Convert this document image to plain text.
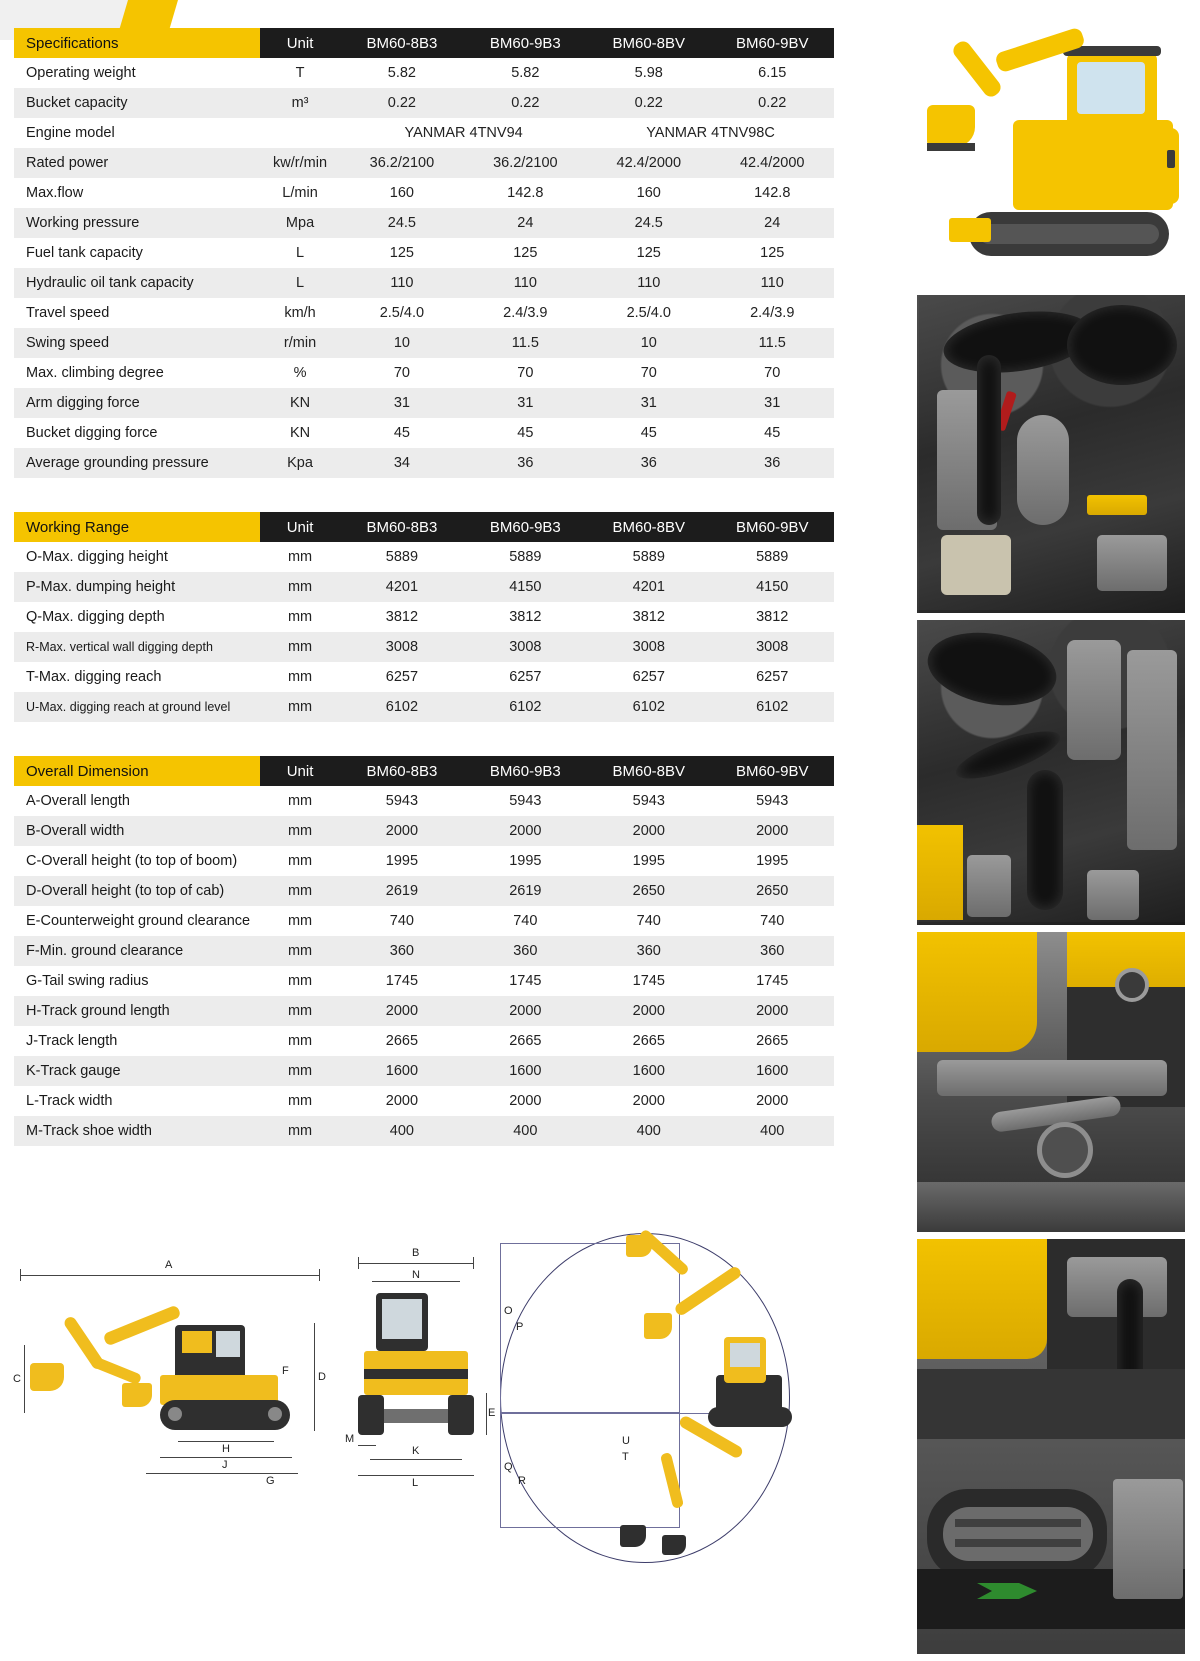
Specifications	Unit	BM60-8B3	BM60-9B3	BM60-8BV	BM60-9BV
Operating weight	T	5.82	5.82	5.98	6.15
Bucket capacity	m³	0.22	0.22	0.22	0.22
Engine model		YANMAR 4TNV94		YANMAR 4TNV98C	
Rated power	kw/r/min	36.2/2100	36.2/2100	42.4/2000	42.4/2000
Max.flow	L/min	160	142.8	160	142.8
Working pressure	Mpa	24.5	24	24.5	24
Fuel tank capacity	L	125	125	125	125
Hydraulic oil tank capacity	L	110	110	110	110
Travel speed	km/h	2.5/4.0	2.4/3.9	2.5/4.0	2.4/3.9
Swing speed	r/min	10	11.5	10	11.5
Max. climbing degree	%	70	70	70	70
Arm digging force	KN	31	31	31	31
Bucket digging force	KN	45	45	45	45
Average grounding pressure	Kpa	34	36	36	36
Working Range	Unit	BM60-8B3	BM60-9B3	BM60-8BV	BM60-9BV
O-Max. digging height	mm	5889	5889	5889	5889
P-Max. dumping height	mm	4201	4150	4201	4150
Q-Max. digging depth	mm	3812	3812	3812	3812
R-Max. vertical wall digging depth	mm	3008	3008	3008	3008
T-Max. digging reach	mm	6257	6257	6257	6257
U-Max. digging reach at ground level	mm	6102	6102	6102	6102
Overall Dimension	Unit	BM60-8B3	BM60-9B3	BM60-8BV	BM60-9BV
A-Overall length	mm	5943	5943	5943	5943
B-Overall width	mm	2000	2000	2000	2000
C-Overall height (to top of boom)	mm	1995	1995	1995	1995
D-Overall height (to top of cab)	mm	2619	2619	2650	2650
E-Counterweight ground clearance	mm	740	740	740	740
F-Min. ground clearance	mm	360	360	360	360
G-Tail swing radius	mm	1745	1745	1745	1745
H-Track ground length	mm	2000	2000	2000	2000
J-Track length	mm	2665	2665	2665	2665
K-Track gauge	mm	1600	1600	1600	1600
L-Track width	mm	2000	2000	2000	2000
M-Track shoe width	mm	400	400	400	400
A
C	D
H
J
G
F
B
N
M
K
L
E
O
P
Q
R
U
T
